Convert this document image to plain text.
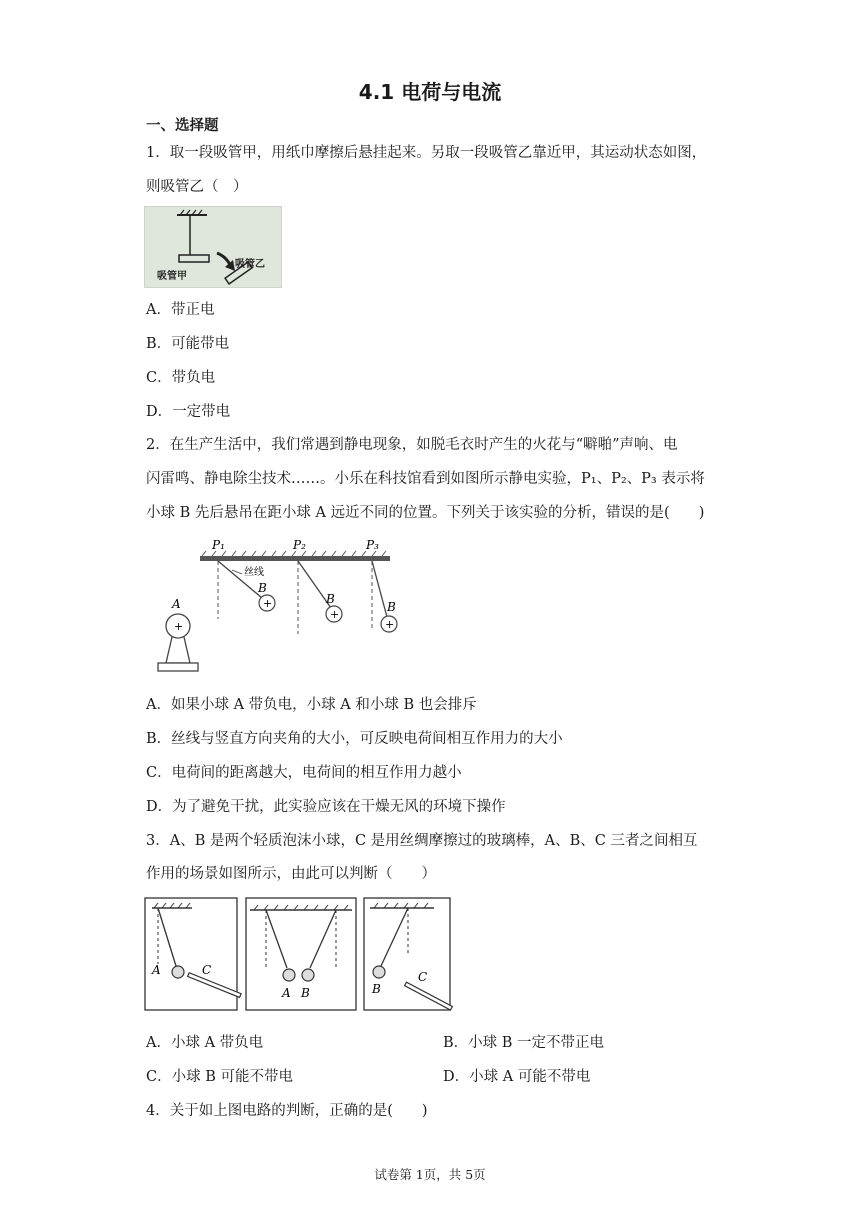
4.1 电荷与电流
一、选择题
1．取一段吸管甲，用纸巾摩擦后悬挂起来。另取一段吸管乙靠近甲，其运动状态如图，
则吸管乙（　）
吸管甲
吸管乙
A．带正电
B．可能带电
C．带负电
D．一定带电
2．在生产生活中，我们常遇到静电现象，如脱毛衣时产生的火花与“噼啪”声响、电
闪雷鸣、静电除尘技术……。小乐在科技馆看到如图所示静电实验，P₁、P₂、P₃ 表示将
小球 B 先后悬吊在距小球 A 远近不同的位置。下列关于该实验的分析，错误的是(　　)
P₁	P₂	P₃
丝线
+
B
+
B
+
B
A
+
A．如果小球 A 带负电，小球 A 和小球 B 也会排斥
B．丝线与竖直方向夹角的大小，可反映电荷间相互作用力的大小
C．电荷间的距离越大，电荷间的相互作用力越小
D．为了避免干扰，此实验应该在干燥无风的环境下操作
3．A、B 是两个轻质泡沫小球，C 是用丝绸摩擦过的玻璃棒，A、B、C 三者之间相互
作用的场景如图所示，由此可以判断（　　）
A	C
A B	B
C
A．小球 A 带负电	B．小球 B 一定不带正电
C．小球 B 可能不带电	D．小球 A 可能不带电
4．关于如上图电路的判断，正确的是(　　)
试卷第 1页，共 5页
